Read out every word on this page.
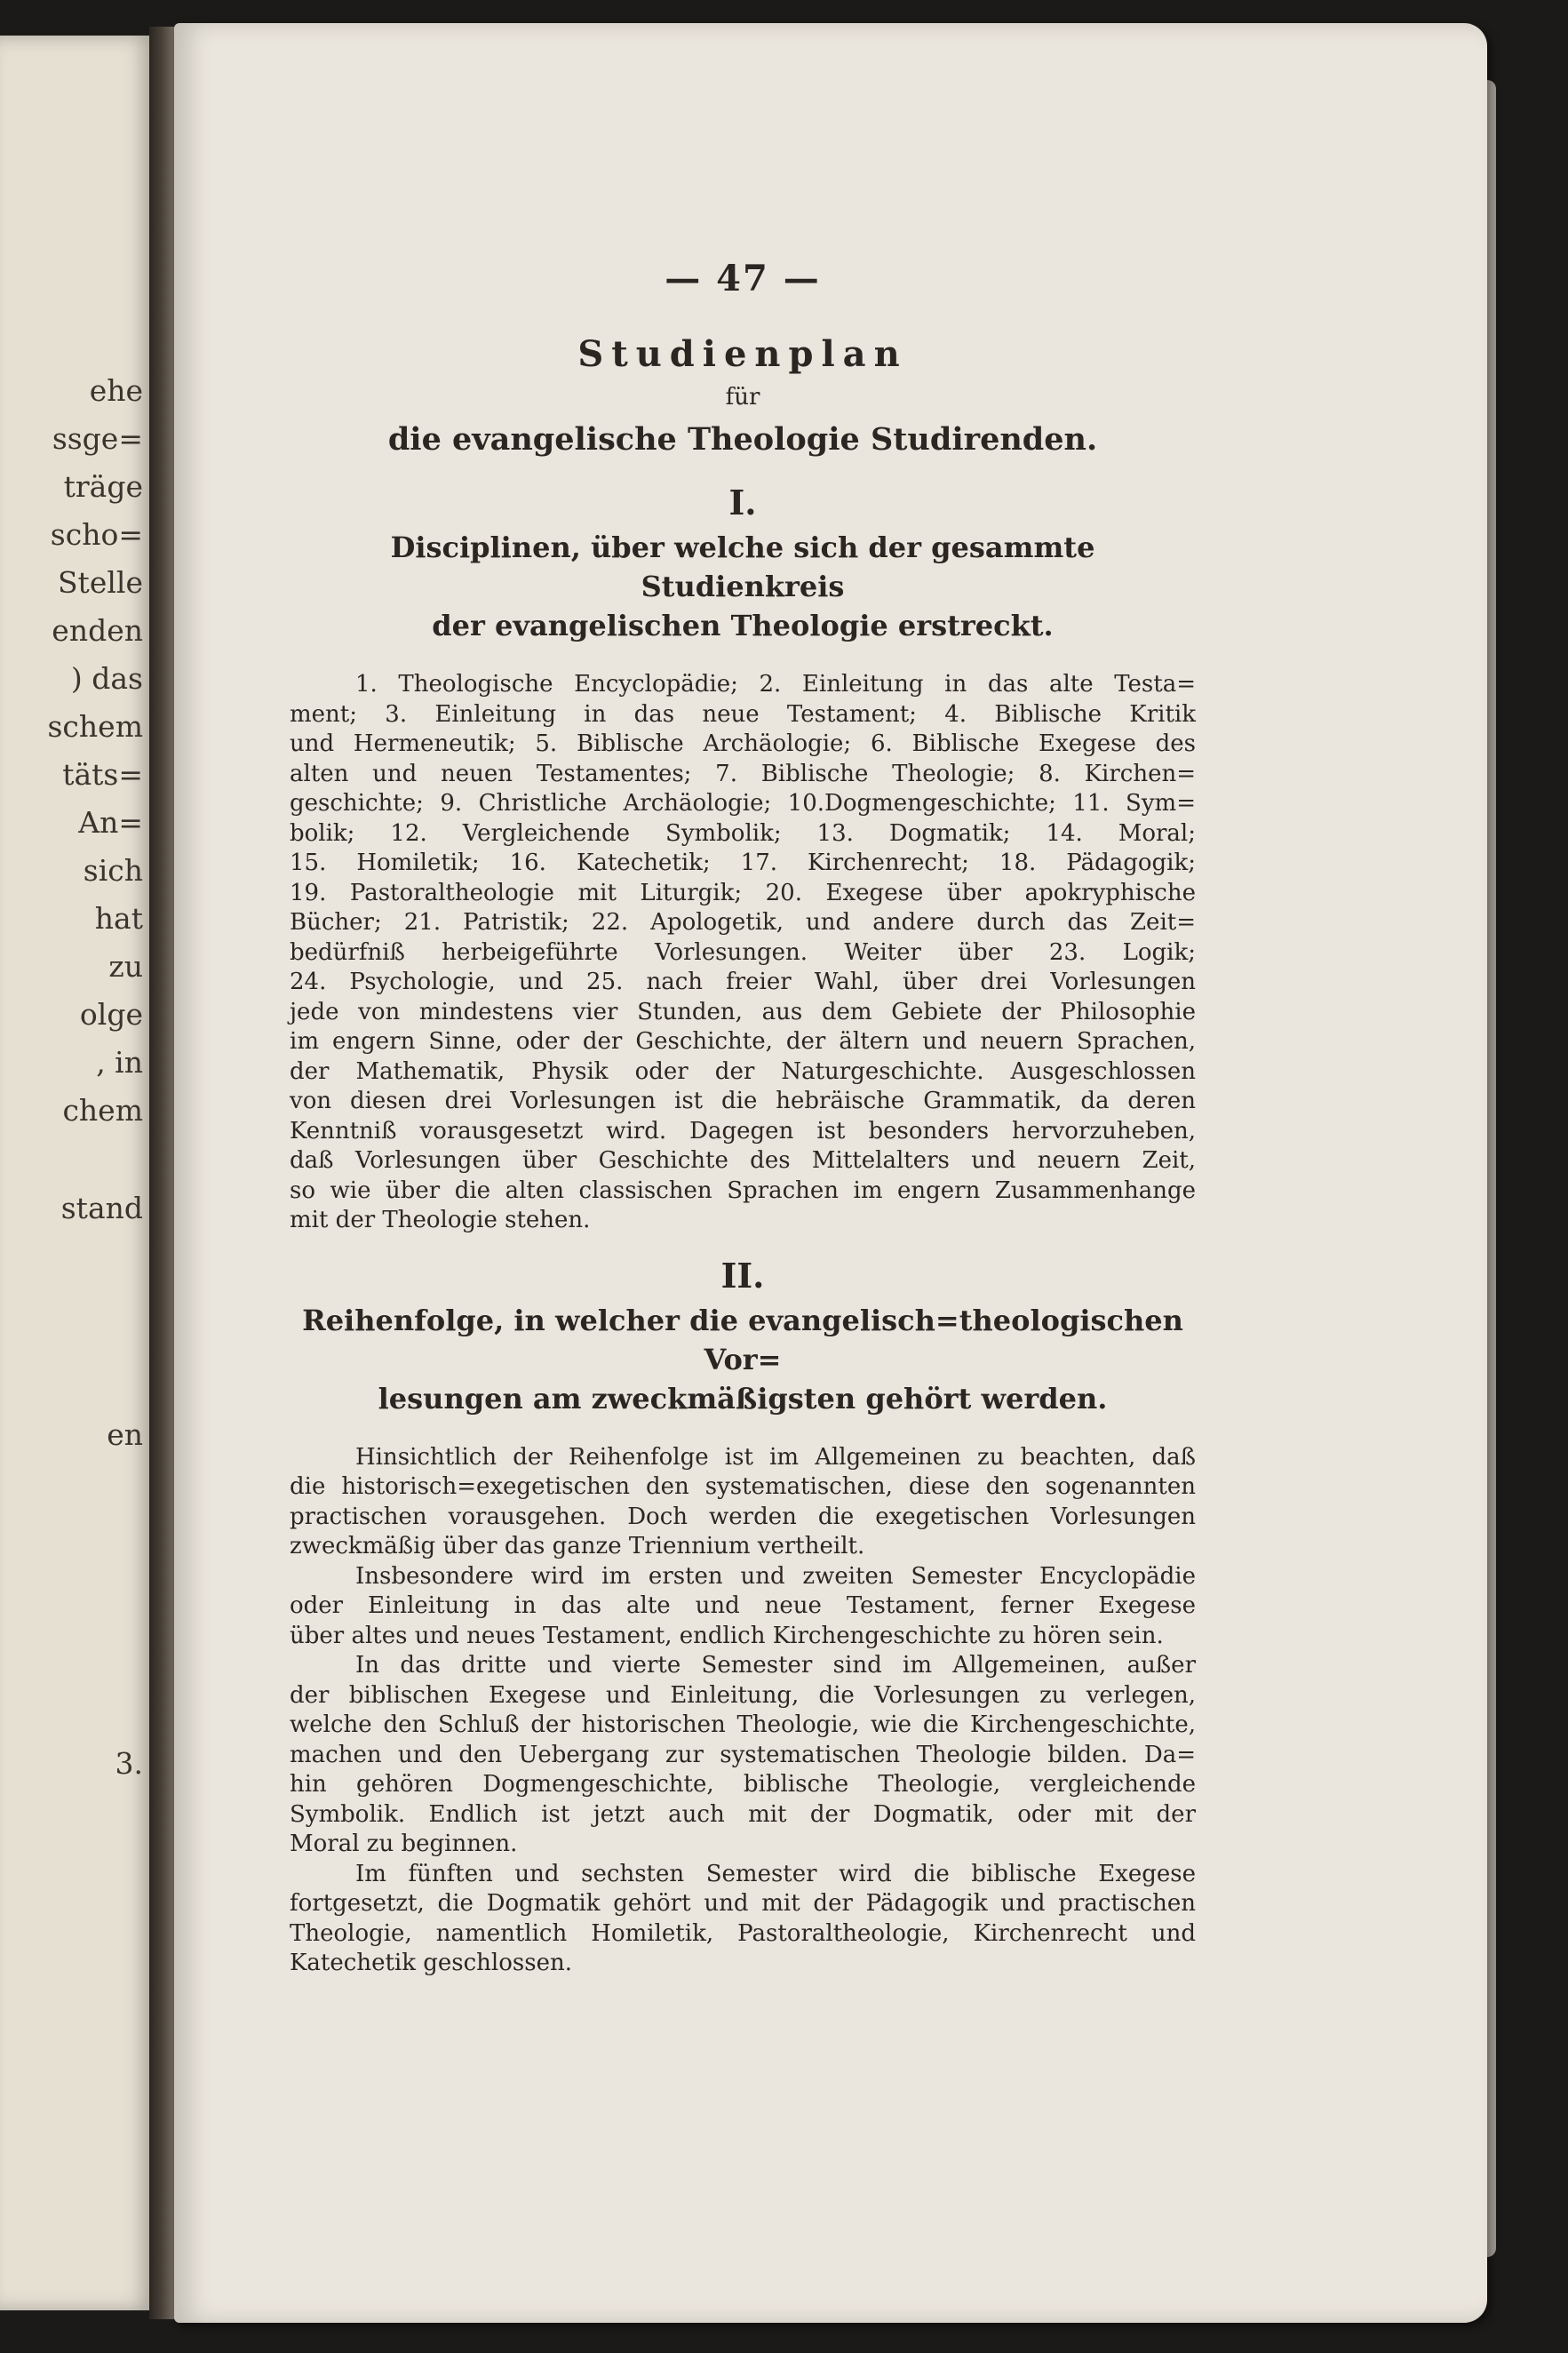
ehe
ssge=
träge
scho=
Stelle
enden
) das
schem
täts=
An=
sich
hat
zu
olge
, in
chem
stand
en
3.
— 47 —
Studienplan
für
die evangelische Theologie Studirenden.
I.
Disciplinen, über welche sich der gesammte Studienkreis
der evangelischen Theologie erstreckt.
1. Theologische Encyclopädie; 2. Einleitung in das alte Testa=
ment; 3. Einleitung in das neue Testament; 4. Biblische Kritik
und Hermeneutik; 5. Biblische Archäologie; 6. Biblische Exegese des
alten und neuen Testamentes; 7. Biblische Theologie; 8. Kirchen=
geschichte; 9. Christliche Archäologie; 10.Dogmengeschichte; 11. Sym=
bolik; 12. Vergleichende Symbolik; 13. Dogmatik; 14. Moral;
15. Homiletik; 16. Katechetik; 17. Kirchenrecht; 18. Pädagogik;
19. Pastoraltheologie mit Liturgik; 20. Exegese über apokryphische
Bücher; 21. Patristik; 22. Apologetik, und andere durch das Zeit=
bedürfniß herbeigeführte Vorlesungen. Weiter über 23. Logik;
24. Psychologie, und 25. nach freier Wahl, über drei Vorlesungen
jede von mindestens vier Stunden, aus dem Gebiete der Philosophie
im engern Sinne, oder der Geschichte, der ältern und neuern Sprachen,
der Mathematik, Physik oder der Naturgeschichte. Ausgeschlossen
von diesen drei Vorlesungen ist die hebräische Grammatik, da deren
Kenntniß vorausgesetzt wird. Dagegen ist besonders hervorzuheben,
daß Vorlesungen über Geschichte des Mittelalters und neuern Zeit,
so wie über die alten classischen Sprachen im engern Zusammenhange
mit der Theologie stehen.
II.
Reihenfolge, in welcher die evangelisch=theologischen Vor=
lesungen am zweckmäßigsten gehört werden.
Hinsichtlich der Reihenfolge ist im Allgemeinen zu beachten, daß
die historisch=exegetischen den systematischen, diese den sogenannten
practischen vorausgehen. Doch werden die exegetischen Vorlesungen
zweckmäßig über das ganze Triennium vertheilt.
Insbesondere wird im ersten und zweiten Semester Encyclopädie
oder Einleitung in das alte und neue Testament, ferner Exegese
über altes und neues Testament, endlich Kirchengeschichte zu hören sein.
In das dritte und vierte Semester sind im Allgemeinen, außer
der biblischen Exegese und Einleitung, die Vorlesungen zu verlegen,
welche den Schluß der historischen Theologie, wie die Kirchengeschichte,
machen und den Uebergang zur systematischen Theologie bilden. Da=
hin gehören Dogmengeschichte, biblische Theologie, vergleichende
Symbolik. Endlich ist jetzt auch mit der Dogmatik, oder mit der
Moral zu beginnen.
Im fünften und sechsten Semester wird die biblische Exegese
fortgesetzt, die Dogmatik gehört und mit der Pädagogik und practischen
Theologie, namentlich Homiletik, Pastoraltheologie, Kirchenrecht und
Katechetik geschlossen.
